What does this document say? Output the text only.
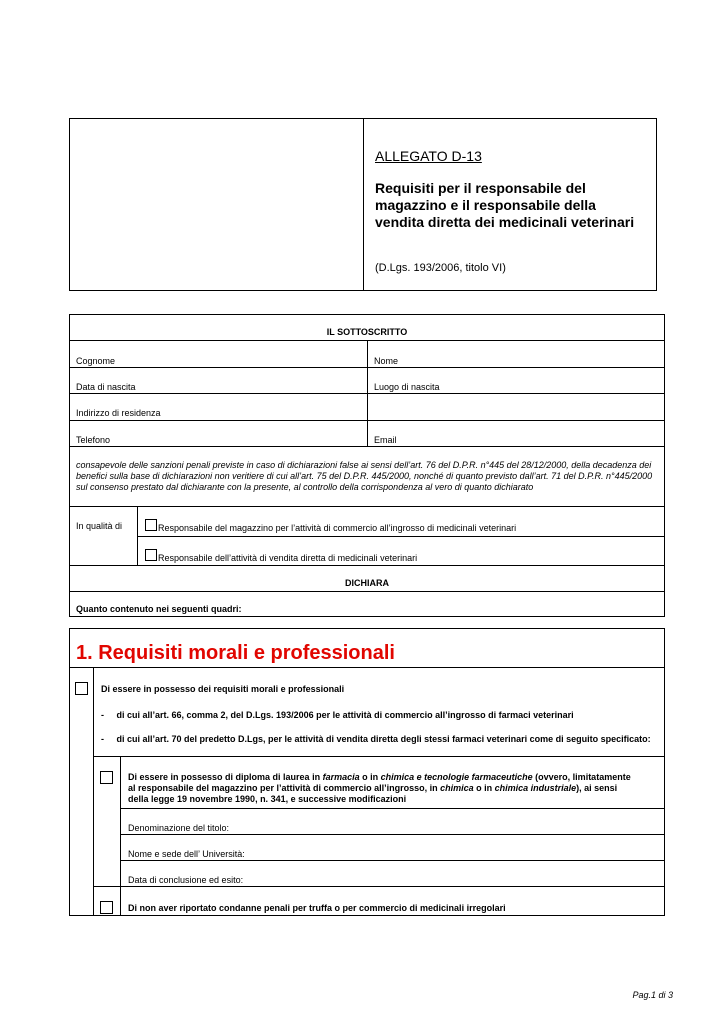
ALLEGATO D-13
Requisiti per il responsabile del magazzino e il responsabile della vendita diretta dei medicinali veterinari
(D.Lgs. 193/2006, titolo VI)
IL SOTTOSCRITTO
Cognome	Nome
Data di nascita	Luogo di nascita
Indirizzo di residenza
Telefono	Email
consapevole delle sanzioni penali previste in caso di dichiarazioni false ai sensi dell’art. 76 del D.P.R. n°445 del 28/12/2000, della decadenza dei benefici sulla base di dichiarazioni non veritiere di cui all’art. 75 del D.P.R. 445/2000, nonché di quanto previsto dall’art. 71 del D.P.R. n°445/2000 sul consenso prestato dal dichiarante con la presente, al controllo della corrispondenza al vero di quanto dichiarato
In qualità di	Responsabile del magazzino per l’attività di commercio all’ingrosso di medicinali veterinari
Responsabile dell’attività di vendita diretta di medicinali veterinari
DICHIARA
Quanto contenuto nei seguenti quadri:
1. Requisiti morali e professionali
Di essere in possesso dei requisiti morali e professionali
-     di cui all’art. 66, comma 2, del D.Lgs. 193/2006 per le attività di commercio all’ingrosso di farmaci veterinari
-     di cui all’art. 70 del predetto D.Lgs, per le attività di vendita diretta degli stessi farmaci veterinari come di seguito specificato:
Di essere in possesso di diploma di laurea in farmacia o in chimica e tecnologie farmaceutiche (ovvero, limitatamente al responsabile del magazzino per l’attività di commercio all’ingrosso, in chimica o in chimica industriale), ai sensi della legge 19 novembre 1990, n. 341, e successive modificazioni
Denominazione del titolo:
Nome e sede dell’ Università:
Data di conclusione ed esito:
Di non aver riportato condanne penali per truffa o per commercio di medicinali irregolari
Pag.1 di 3
